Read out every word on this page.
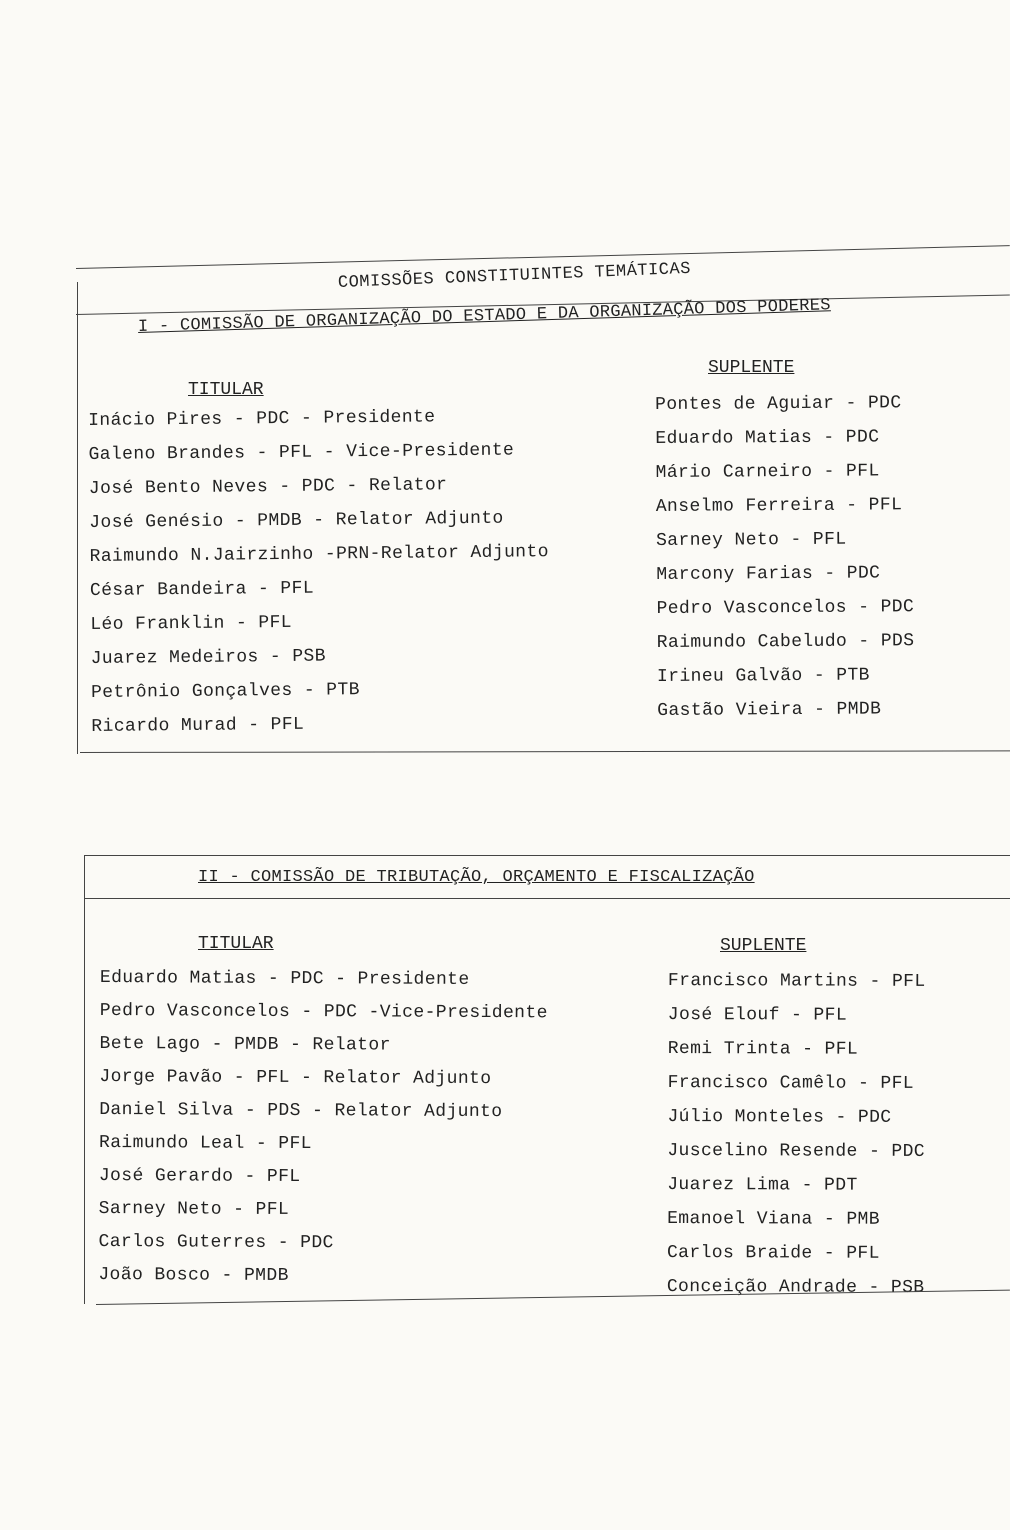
COMISSÕES CONSTITUINTES TEMÁTICAS
I - COMISSÃO DE ORGANIZAÇÃO DO ESTADO E DA ORGANIZAÇÃO DOS PODERES
TITULAR
SUPLENTE
Inácio Pires - PDC - Presidente
Galeno Brandes - PFL - Vice-Presidente
José Bento Neves - PDC - Relator
José Genésio - PMDB - Relator Adjunto
Raimundo N.Jairzinho -PRN-Relator Adjunto
César Bandeira - PFL
Léo Franklin - PFL
Juarez Medeiros - PSB
Petrônio Gonçalves - PTB
Ricardo Murad - PFL
Pontes de Aguiar - PDC
Eduardo Matias - PDC
Mário Carneiro - PFL
Anselmo Ferreira - PFL
Sarney Neto - PFL
Marcony Farias - PDC
Pedro Vasconcelos - PDC
Raimundo Cabeludo - PDS
Irineu Galvão - PTB
Gastão Vieira - PMDB
II - COMISSÃO DE TRIBUTAÇÃO, ORÇAMENTO E FISCALIZAÇÃO
TITULAR	SUPLENTE
Eduardo Matias - PDC - Presidente
Pedro Vasconcelos - PDC -Vice-Presidente
Bete Lago - PMDB - Relator
Jorge Pavão - PFL - Relator Adjunto
Daniel Silva - PDS - Relator Adjunto
Raimundo Leal - PFL
José Gerardo - PFL
Sarney Neto - PFL
Carlos Guterres - PDC
João Bosco - PMDB
Francisco Martins - PFL
José Elouf - PFL
Remi Trinta - PFL
Francisco Camêlo - PFL
Júlio Monteles - PDC
Juscelino Resende - PDC
Juarez Lima - PDT
Emanoel Viana - PMB
Carlos Braide - PFL
Conceição Andrade - PSB
